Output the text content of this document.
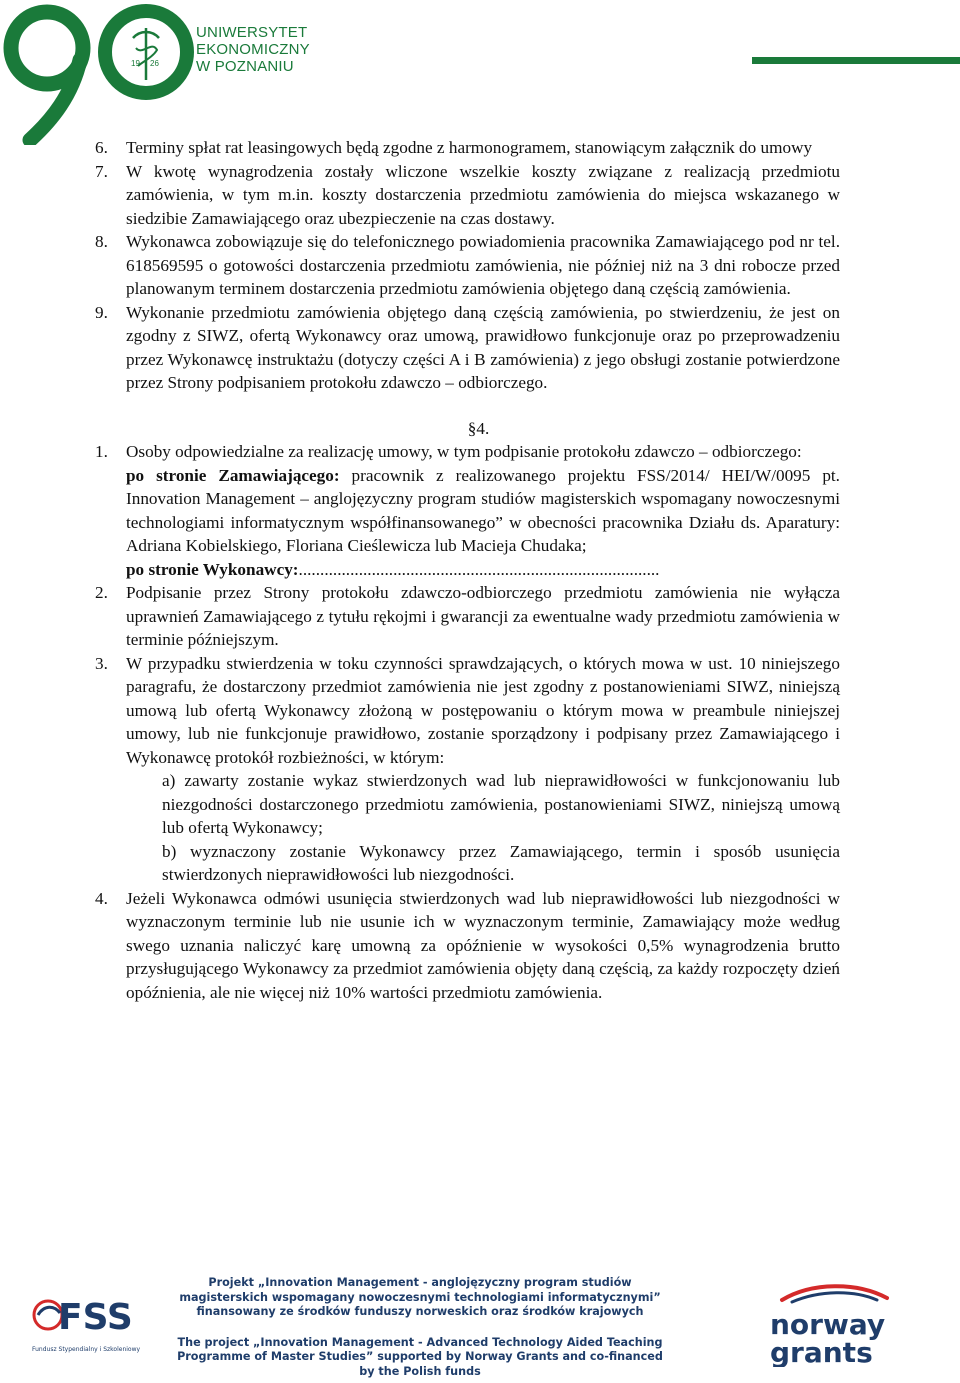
19 26
UNIWERSYTET
EKONOMICZNY
W POZNANIU
6.	Terminy spłat rat leasingowych będą zgodne z harmonogramem, stanowiącym załącznik do umowy
7.	W kwotę wynagrodzenia zostały wliczone wszelkie koszty związane z realizacją przedmiotu zamówienia, w tym m.in. koszty dostarczenia przedmiotu zamówienia do miejsca wskazanego w siedzibie Zamawiającego oraz ubezpieczenie na czas dostawy.
8.	Wykonawca zobowiązuje się do telefonicznego powiadomienia pracownika Zamawiającego pod nr tel. 618569595 o gotowości dostarczenia przedmiotu zamówienia, nie później niż na 3 dni robocze przed planowanym terminem dostarczenia przedmiotu zamówienia objętego daną częścią zamówienia.
9.	Wykonanie przedmiotu zamówienia objętego daną częścią zamówienia, po stwierdzeniu, że jest on zgodny z SIWZ, ofertą Wykonawcy oraz umową, prawidłowo funkcjonuje oraz po przeprowadzeniu przez Wykonawcę instruktażu (dotyczy części A i B zamówienia) z jego obsługi zostanie potwierdzone przez Strony podpisaniem protokołu zdawczo – odbiorczego.
§4.
1.	Osoby odpowiedzialne za realizację umowy, w tym podpisanie protokołu zdawczo – odbiorczego:

po stronie Zamawiającego: pracownik z realizowanego projektu FSS/2014/ HEI/W/0095 pt. Innovation Management – anglojęzyczny program studiów magisterskich wspomagany nowoczesnymi technologiami informatycznym współfinansowanego” w obecności pracownika Działu ds. Aparatury: Adriana Kobielskiego, Floriana Cieślewicza lub Macieja Chudaka;

po stronie Wykonawcy:....................................................................................

2.	Podpisanie przez Strony protokołu zdawczo-odbiorczego przedmiotu zamówienia nie wyłącza uprawnień Zamawiającego z tytułu rękojmi i gwarancji za ewentualne wady przedmiotu zamówienia w terminie późniejszym.
3.	W przypadku stwierdzenia w toku czynności sprawdzających, o których mowa w ust. 10 niniejszego paragrafu, że dostarczony przedmiot zamówienia nie jest zgodny z postanowieniami SIWZ, niniejszą umową lub ofertą Wykonawcy złożoną w postępowaniu o którym mowa w preambule niniejszej umowy, lub nie funkcjonuje prawidłowo, zostanie sporządzony i podpisany przez Zamawiającego i Wykonawcę protokół rozbieżności, w którym:

a) zawarty zostanie wykaz stwierdzonych wad lub nieprawidłowości w funkcjonowaniu lub niezgodności dostarczonego przedmiotu zamówienia, postanowieniami SIWZ, niniejszą umową lub ofertą Wykonawcy;

b) wyznaczony zostanie Wykonawcy przez Zamawiającego, termin i sposób usunięcia stwierdzonych nieprawidłowości lub niezgodności.

4.	Jeżeli Wykonawca odmówi usunięcia stwierdzonych wad lub nieprawidłowości lub niezgodności w wyznaczonym terminie lub nie usunie ich w wyznaczonym terminie, Zamawiający może według swego uznania naliczyć karę umowną za opóźnienie w wysokości 0,5% wynagrodzenia brutto przysługującego Wykonawcy za przedmiot zamówienia objęty daną częścią, za każdy rozpoczęty dzień opóźnienia, ale nie więcej niż 10% wartości przedmiotu zamówienia.
FSS
Fundusz Stypendialny i Szkoleniowy
Projekt „Innovation Management - anglojęzyczny program studiów
magisterskich wspomagany nowoczesnymi technologiami informatycznymi”
finansowany ze środków funduszy norweskich oraz środków krajowych
The project „Innovation Management - Advanced Technology Aided Teaching
Programme of Master Studies” supported by Norway Grants and co-financed
by the Polish funds
norway
grants
